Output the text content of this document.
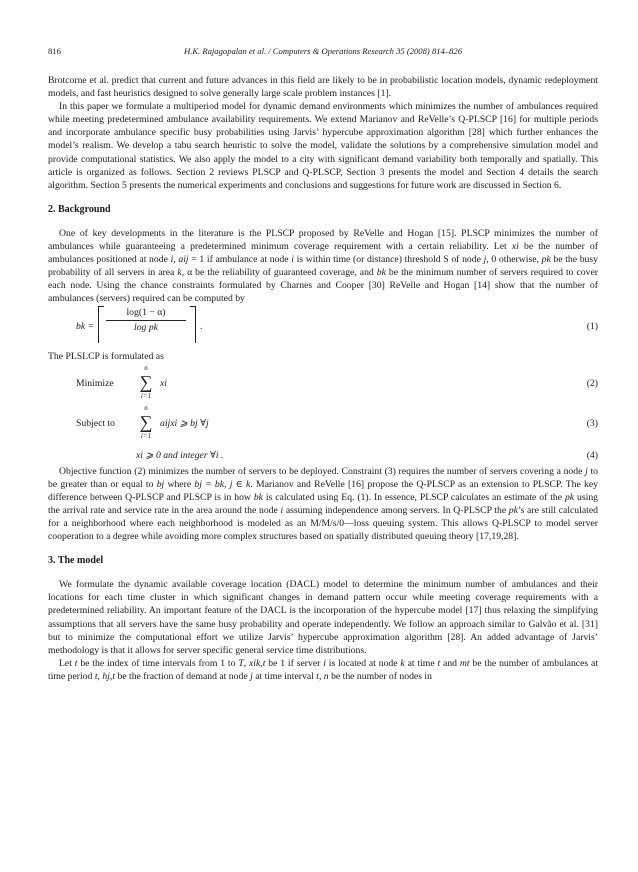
816	H.K. Rajagopalan et al. / Computers & Operations Research 35 (2008) 814–826

Brotcorne et al. predict that current and future advances in this field are likely to be in probabilistic location models, dynamic redeployment models, and fast heuristics designed to solve generally large scale problem instances [1].

In this paper we formulate a multiperiod model for dynamic demand environments which minimizes the number of ambulances required while meeting predetermined ambulance availability requirements. We extend Marianov and ReVelle’s Q-PLSCP [16] for multiple periods and incorporate ambulance specific busy probabilities using Jarvis’ hypercube approximation algorithm [28] which further enhances the model’s realism. We develop a tabu search heuristic to solve the model, validate the solutions by a comprehensive simulation model and provide computational statistics. We also apply the model to a city with significant demand variability both temporally and spatially. This article is organized as follows. Section 2 reviews PLSCP and Q-PLSCP, Section 3 presents the model and Section 4 details the search algorithm. Section 5 presents the numerical experiments and conclusions and suggestions for future work are discussed in Section 6.

2. Background

One of key developments in the literature is the PLSCP proposed by ReVelle and Hogan [15]. PLSCP minimizes the number of ambulances while guaranteeing a predetermined minimum coverage requirement with a certain reliability. Let xi be the number of ambulances positioned at node i, aij = 1 if ambulance at node i is within time (or distance) threshold S of node j, 0 otherwise, pk be the busy probability of all servers in area k, α be the reliability of guaranteed coverage, and bk be the minimum number of servers required to cover each node. Using the chance constraints formulated by Charnes and Cooper [30] ReVelle and Hogan [14] show that the number of ambulances (servers) required can be computed by

bk = $\frac{\log(1 - \alpha)}{\text{log pk}}$ .	(1)

The PLSLCP is formulated as

Minimize
n
∑
i=1
xi	(2)
Subject to
n
∑
i=1
aijxi ⩾ bj ∀j	(3)
xi ⩾ 0 and integer ∀i .	(4)

Objective function (2) minimizes the number of servers to be deployed. Constraint (3) requires the number of servers covering a node j to be greater than or equal to bj where bj = bk, j ∈ k. Marianov and ReVelle [16] propose the Q-PLSCP as an extension to PLSCP. The key difference between Q-PLSCP and PLSCP is in how bk is calculated using Eq. (1). In essence, PLSCP calculates an estimate of the pk using the arrival rate and service rate in the area around the node i assuming independence among servers. In Q-PLSCP the pk’s are still calculated for a neighborhood where each neighborhood is modeled as an M/M/s/0—loss queuing system. This allows Q-PLSCP to model server cooperation to a degree while avoiding more complex structures based on spatially distributed queuing theory [17,19,28].

3. The model

We formulate the dynamic available coverage location (DACL) model to determine the minimum number of ambulances and their locations for each time cluster in which significant changes in demand pattern occur while meeting coverage requirements with a predetermined reliability. An important feature of the DACL is the incorporation of the hypercube model [17] thus relaxing the simplifying assumptions that all servers have the same busy probability and operate independently. We follow an approach similar to Galvão et al. [31] but to minimize the computational effort we utilize Jarvis’ hypercube approximation algorithm [28]. An added advantage of Jarvis’ methodology is that it allows for server specific general service time distributions.

Let t be the index of time intervals from 1 to T, xik,t be 1 if server i is located at node k at time t and mt be the number of ambulances at time period t, hj,t be the fraction of demand at node j at time interval t, n be the number of nodes in
